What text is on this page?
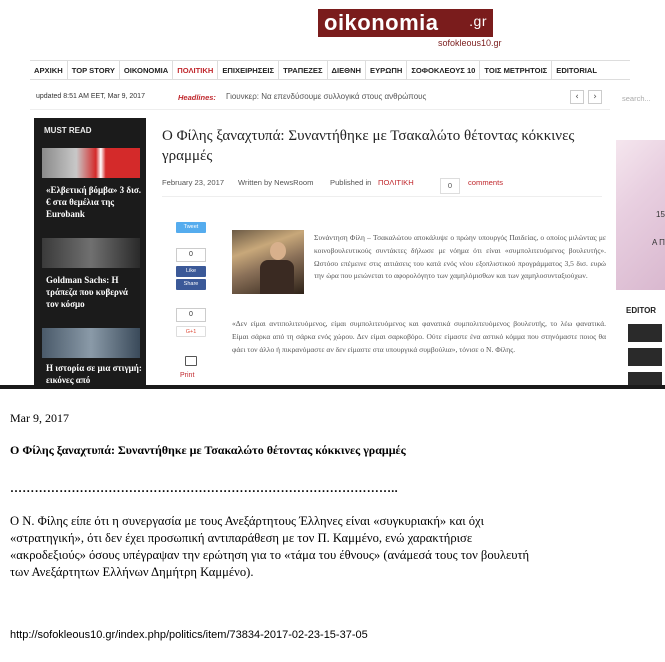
oikonomia .gr
sofokleous10.gr
ΑΡΧΙΚΗ	TOP STORY	ΟΙΚΟΝΟΜΙΑ	ΠΟΛΙΤΙΚΗ	ΕΠΙΧΕΙΡΗΣΕΙΣ	ΤΡΑΠΕΖΕΣ	ΔΙΕΘΝΗ	ΕΥΡΩΠΗ	ΣΟΦΟΚΛΕΟΥΣ 10	ΤΟΙΣ ΜΕΤΡΗΤΟΙΣ	EDITORIAL
updated 8:51 AM EET, Mar 9, 2017	Headlines: Γιουνκερ: Να επενδύσουμε συλλογικά στους ανθρώπους	‹	›	search...
MUST READ
«Ελβετική βόμβα» 3 δισ. € στα θεμέλια της Eurobank
Goldman Sachs: Η τράπεζα που κυβερνά τον κόσμο
Η ιστορία σε μια στιγμή: εικόνες από
Ο Φίλης ξαναχτυπά: Συναντήθηκε με Τσακαλώτο θέτοντας κόκκινες γραμμές
February 23, 2017 Written by NewsRoom Published in ΠΟΛΙΤΙΚΗ	0	comments
Tweet
0
Like
Share
0
G+1
Print
Συνάντηση Φίλη – Τσακαλώτου αποκάλυψε ο πρώην υπουργός Παιδείας, ο οποίος μιλώντας με κοινοβουλευτικούς συντάκτες δήλωσε με νόημα ότι είναι «συμπολιτευόμενος βουλευτής». Ωστόσο επέμεινε στις αιτιάσεις του κατά ενός νέου εξοπλιστικού προγράμματος 3,5 δισ. ευρώ την ώρα που μειώνεται το αφορολόγητο των χαμηλόμισθων και των χαμηλοσυνταξιούχων.
«Δεν είμαι αντιπολιτευόμενος, είμαι συμπολιτευόμενος και φανατικά συμπολιτευόμενος βουλευτής, το λέω φανατικά. Είμαι σάρκα από τη σάρκα ενός χώρου. Δεν είμαι σαρκοβόρο. Ούτε είμαστε ένα αστικό κόμμα που στηνόμαστε ποιος θα φάει τον άλλο ή πικρανόμαστε αν δεν είμαστε στα υπουργικά συμβούλια», τόνισε ο Ν. Φίλης.
15
Α Π
EDITOR
Mar 9, 2017
Ο Φίλης ξαναχτυπά: Συναντήθηκε με Τσακαλώτο θέτοντας κόκκινες γραμμές
…………………………………………………………………………………..
Ο Ν. Φίλης είπε ότι η συνεργασία με τους Ανεξάρτητους Έλληνες είναι «συγκυριακή» και όχι «στρατηγική», ότι δεν έχει προσωπική αντιπαράθεση με τον Π. Καμμένο, ενώ χαρακτήρισε «ακροδεξιούς» όσους υπέγραψαν την ερώτηση για το «τάμα του έθνους» (ανάμεσά τους τον βουλευτή των Ανεξάρτητων Ελλήνων Δημήτρη Καμμένο).
http://sofokleous10.gr/index.php/politics/item/73834-2017-02-23-15-37-05
